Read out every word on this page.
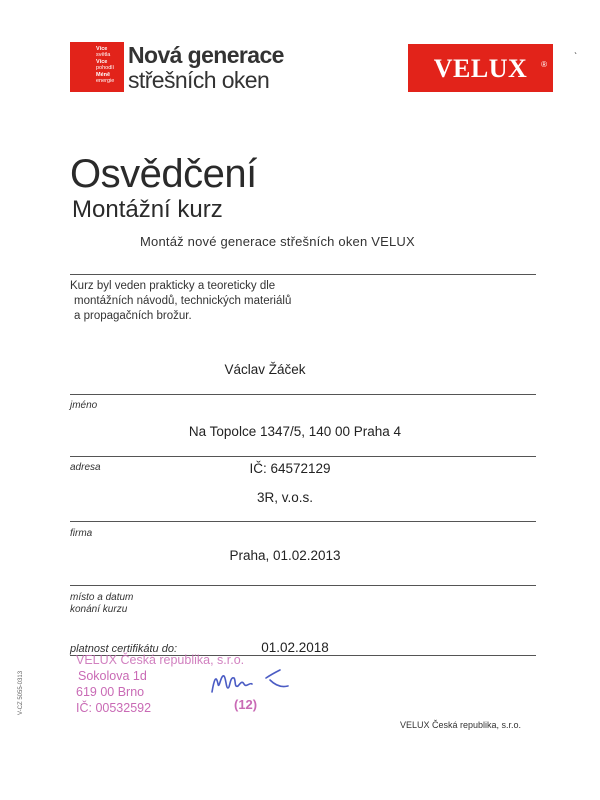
Více
světla
Více
pohodlí
Méně
energie
Nová generace
střešních oken	VELUX	®
ˋ
Osvědčení
Montážní kurz
Montáž nové generace střešních oken VELUX
Kurz byl veden prakticky a teoreticky dle
montážních návodů, technických materiálů
a propagačních brožur.
Václav Žáček
jméno
Na Topolce 1347/5, 140 00 Praha 4
adresa	IČ: 64572129
3R, v.o.s.
firma
Praha, 01.02.2013
místo a datum
konání kurzu
platnost certifikátu do:	01.02.2018
VELUX Česká republika, s.r.o.
Sokolova 1d
619 00 Brno
IČ: 00532592	(12)
VELUX Česká republika, s.r.o.
V-CZ 5055-0313
